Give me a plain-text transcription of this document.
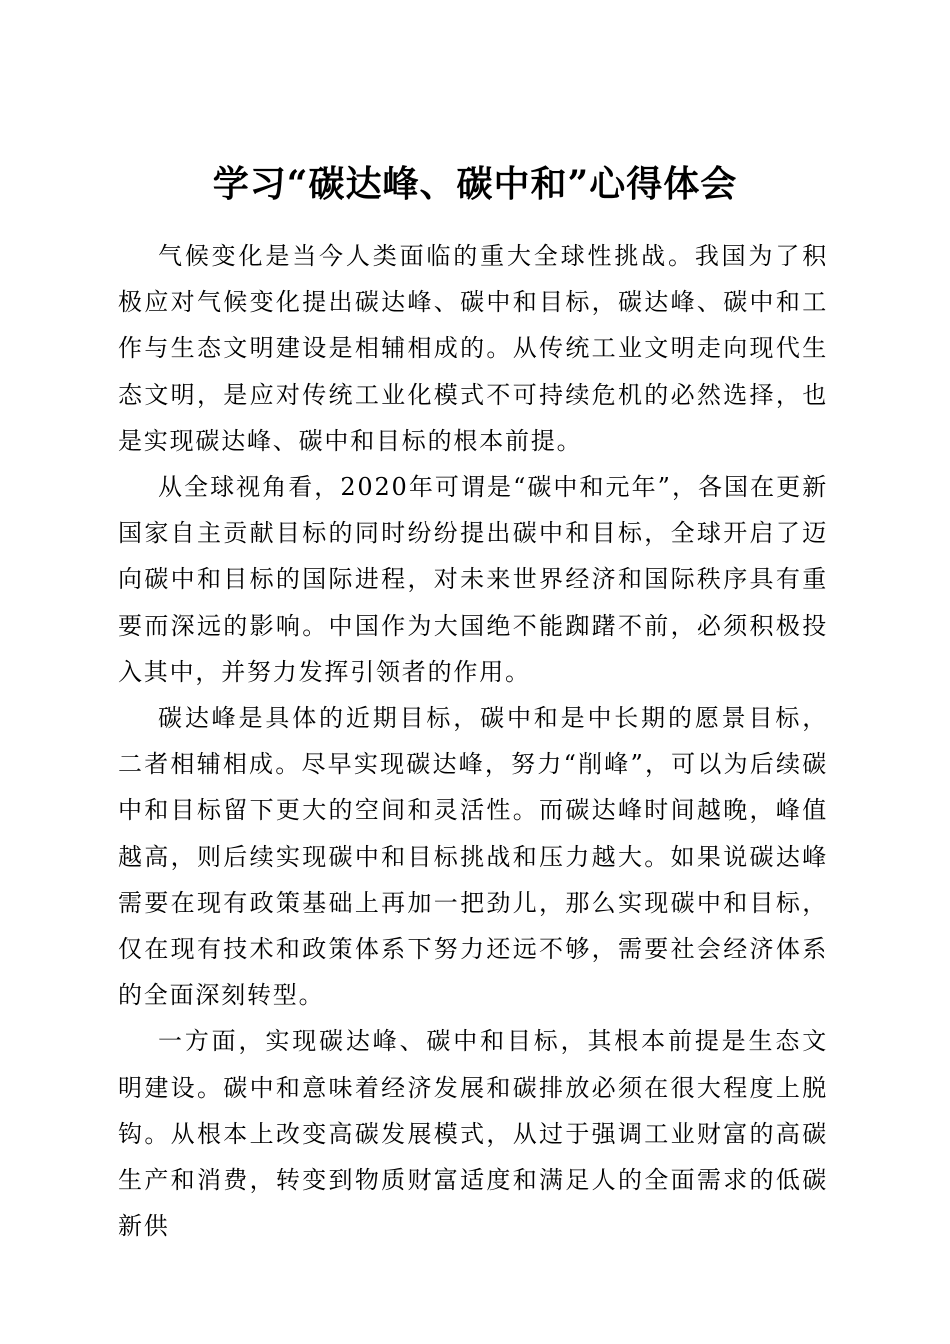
学习“碳达峰、碳中和”心得体会

气候变化是当今人类面临的重大全球性挑战。我国为了积极应对气候变化提出碳达峰、碳中和目标，碳达峰、碳中和工作与生态文明建设是相辅相成的。从传统工业文明走向现代生态文明，是应对传统工业化模式不可持续危机的必然选择，也是实现碳达峰、碳中和目标的根本前提。

从全球视角看，2020年可谓是“碳中和元年”，各国在更新国家自主贡献目标的同时纷纷提出碳中和目标，全球开启了迈向碳中和目标的国际进程，对未来世界经济和国际秩序具有重要而深远的影响。中国作为大国绝不能踟躇不前，必须积极投入其中，并努力发挥引领者的作用。

碳达峰是具体的近期目标，碳中和是中长期的愿景目标，二者相辅相成。尽早实现碳达峰，努力“削峰”，可以为后续碳中和目标留下更大的空间和灵活性。而碳达峰时间越晚，峰值越高，则后续实现碳中和目标挑战和压力越大。如果说碳达峰需要在现有政策基础上再加一把劲儿，那么实现碳中和目标，仅在现有技术和政策体系下努力还远不够，需要社会经济体系的全面深刻转型。

一方面，实现碳达峰、碳中和目标，其根本前提是生态文明建设。碳中和意味着经济发展和碳排放必须在很大程度上脱钩。从根本上改变高碳发展模式，从过于强调工业财富的高碳生产和消费，转变到物质财富适度和满足人的全面需求的低碳新供
